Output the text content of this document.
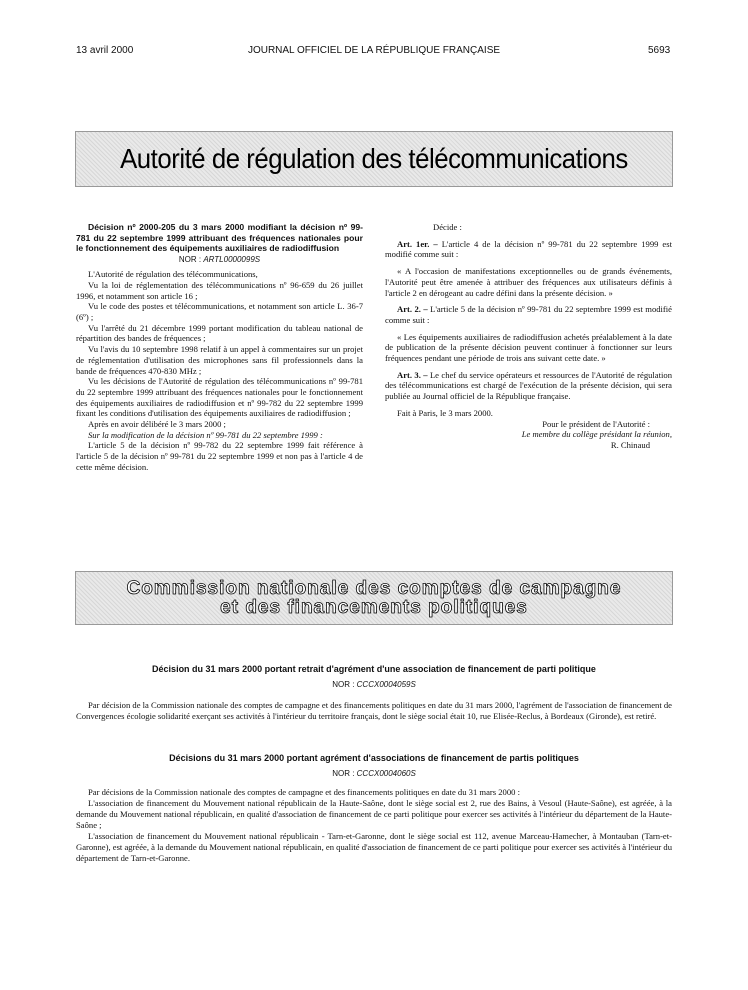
13 avril 2000	JOURNAL OFFICIEL DE LA RÉPUBLIQUE FRANÇAISE	5693
Autorité de régulation des télécommunications

Décision nº 2000-205 du 3 mars 2000 modifiant la décision nº 99-781 du 22 septembre 1999 attribuant des fréquences nationales pour le fonctionnement des équipements auxiliaires de radiodiffusion

NOR : ARTL0000099S

L'Autorité de régulation des télécommunications,

Vu la loi de réglementation des télécommunications nº 96-659 du 26 juillet 1996, et notamment son article 16 ;

Vu le code des postes et télécommunications, et notamment son article L. 36-7 (6º) ;

Vu l'arrêté du 21 décembre 1999 portant modification du tableau national de répartition des bandes de fréquences ;

Vu l'avis du 10 septembre 1998 relatif à un appel à commentaires sur un projet de réglementation d'utilisation des microphones sans fil professionnels dans la bande de fréquences 470-830 MHz ;

Vu les décisions de l'Autorité de régulation des télécommunications nº 99-781 du 22 septembre 1999 attribuant des fréquences nationales pour le fonctionnement des équipements auxiliaires de radiodiffusion et nº 99-782 du 22 septembre 1999 fixant les conditions d'utilisation des équipements auxiliaires de radiodiffusion ;

Après en avoir délibéré le 3 mars 2000 ;

Sur la modification de la décision nº 99-781 du 22 septembre 1999 :

L'article 5 de la décision nº 99-782 du 22 septembre 1999 fait référence à l'article 5 de la décision nº 99-781 du 22 septembre 1999 et non pas à l'article 4 de cette même décision.

Décide :

Art. 1er. – L'article 4 de la décision nº 99-781 du 22 septembre 1999 est modifié comme suit :

« A l'occasion de manifestations exceptionnelles ou de grands événements, l'Autorité peut être amenée à attribuer des fréquences aux utilisateurs définis à l'article 2 en dérogeant au cadre défini dans la présente décision. »

Art. 2. – L'article 5 de la décision nº 99-781 du 22 septembre 1999 est modifié comme suit :

« Les équipements auxiliaires de radiodiffusion achetés préalablement à la date de publication de la présente décision peuvent continuer à fonctionner sur leurs fréquences pendant une période de trois ans suivant cette date. »

Art. 3. – Le chef du service opérateurs et ressources de l'Autorité de régulation des télécommunications est chargé de l'exécution de la présente décision, qui sera publiée au Journal officiel de la République française.

Fait à Paris, le 3 mars 2000.

Pour le président de l'Autorité :

Le membre du collège présidant la réunion,

R. Chinaud

Commission nationale des comptes de campagne
et des financements politiques
Décision du 31 mars 2000 portant retrait d'agrément d'une association de financement de parti politique
NOR : CCCX0004059S

Par décision de la Commission nationale des comptes de campagne et des financements politiques en date du 31 mars 2000, l'agrément de l'association de financement de Convergences écologie solidarité exerçant ses activités à l'intérieur du territoire français, dont le siège social était 10, rue Elisée-Reclus, à Bordeaux (Gironde), est retiré.

Décisions du 31 mars 2000 portant agrément d'associations de financement de partis politiques
NOR : CCCX0004060S

Par décisions de la Commission nationale des comptes de campagne et des financements politiques en date du 31 mars 2000 :

L'association de financement du Mouvement national républicain de la Haute-Saône, dont le siège social est 2, rue des Bains, à Vesoul (Haute-Saône), est agréée, à la demande du Mouvement national républicain, en qualité d'association de financement de ce parti politique pour exercer ses activités à l'intérieur du département de la Haute-Saône ;

L'association de financement du Mouvement national républicain - Tarn-et-Garonne, dont le siège social est 112, avenue Marceau-Hamecher, à Montauban (Tarn-et-Garonne), est agréée, à la demande du Mouvement national républicain, en qualité d'association de financement de ce parti politique pour exercer ses activités à l'intérieur du département de Tarn-et-Garonne.
